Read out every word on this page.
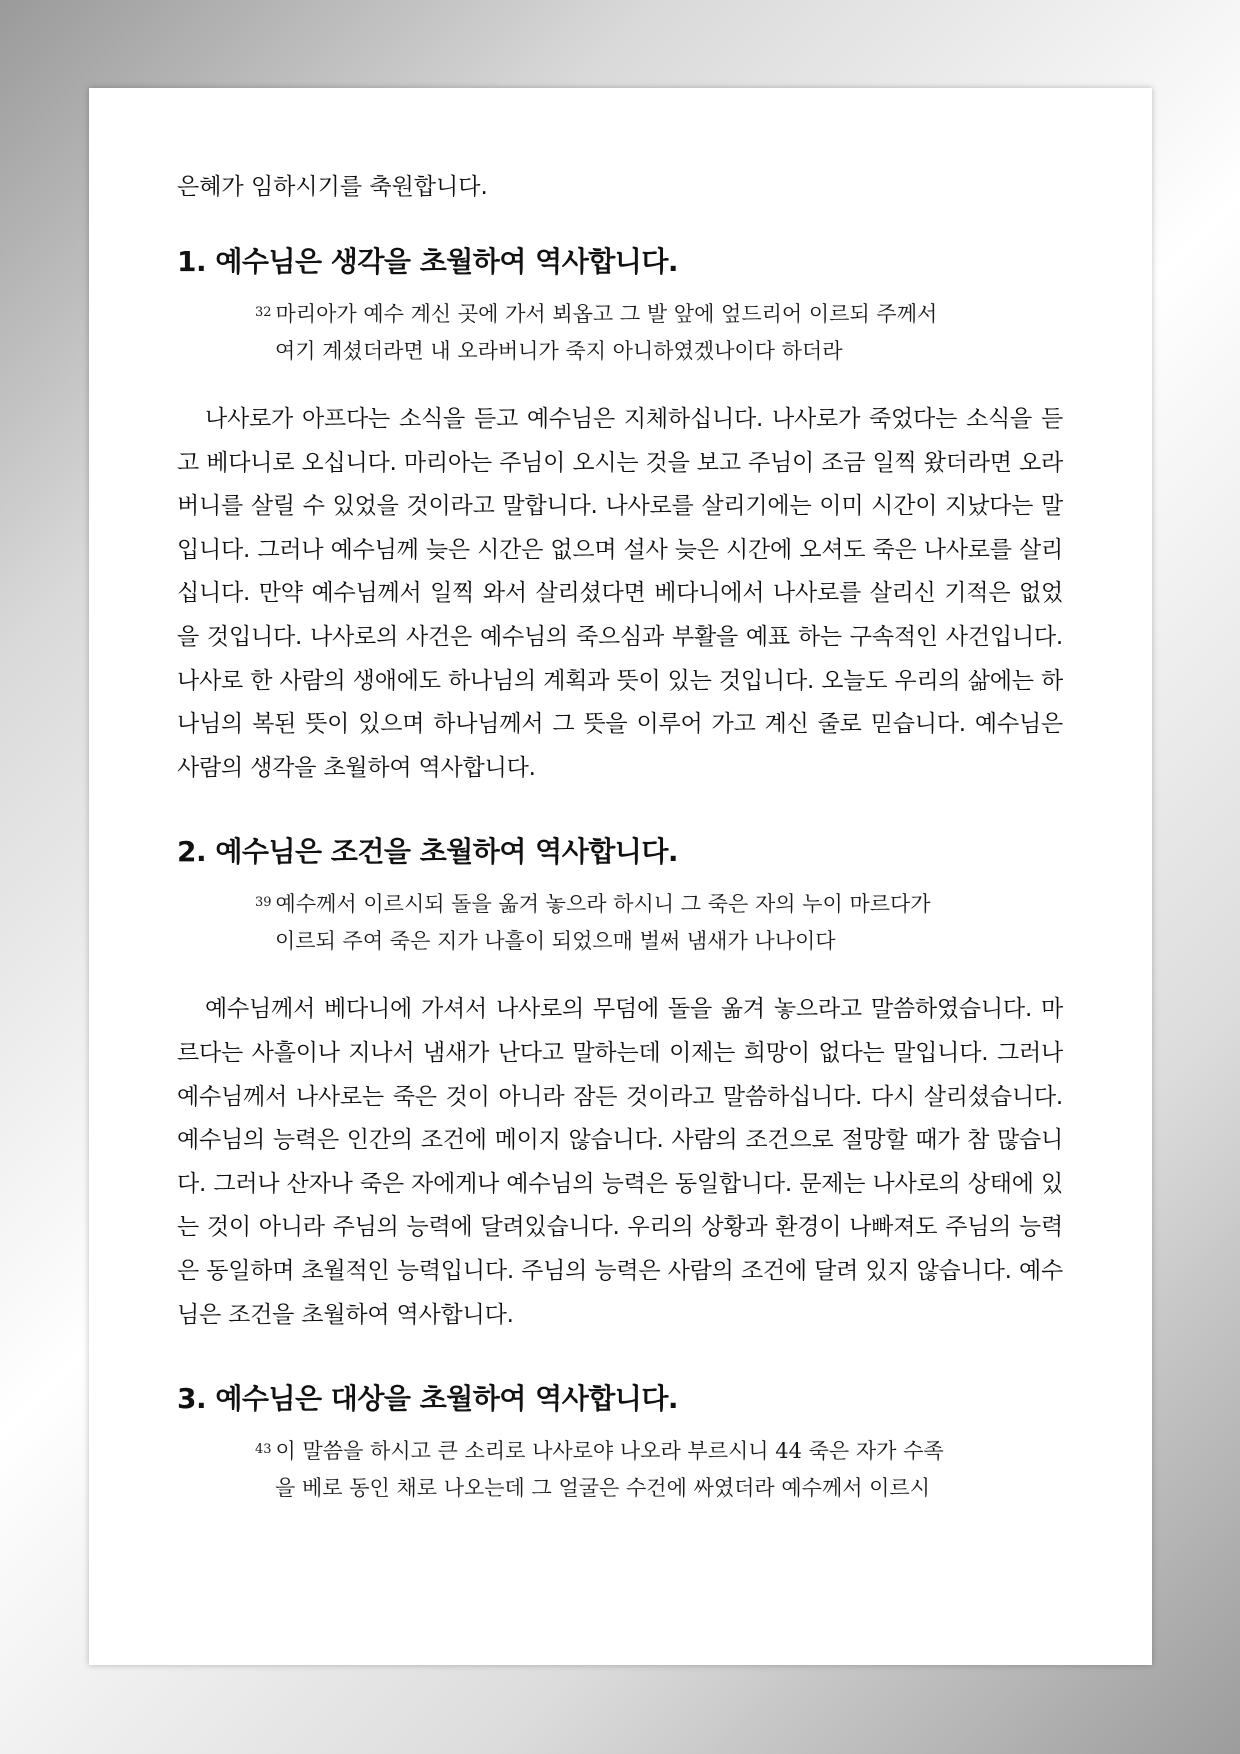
은혜가 임하시기를 축원합니다.

1. 예수님은 생각을 초월하여 역사합니다.
$^{32}$ 마리아가 예수 계신 곳에 가서 뵈옵고 그 발 앞에 엎드리어 이르되 주께서
여기 계셨더라면 내 오라버니가 죽지 아니하였겠나이다 하더라

나사로가 아프다는 소식을 듣고 예수님은 지체하십니다. 나사로가 죽었다는 소식을 듣고 베다니로 오십니다. 마리아는 주님이 오시는 것을 보고 주님이 조금 일찍 왔더라면 오라버니를 살릴 수 있었을 것이라고 말합니다. 나사로를 살리기에는 이미 시간이 지났다는 말입니다. 그러나 예수님께 늦은 시간은 없으며 설사 늦은 시간에 오셔도 죽은 나사로를 살리십니다. 만약 예수님께서 일찍 와서 살리셨다면 베다니에서 나사로를 살리신 기적은 없었을 것입니다. 나사로의 사건은 예수님의 죽으심과 부활을 예표 하는 구속적인 사건입니다. 나사로 한 사람의 생애에도 하나님의 계획과 뜻이 있는 것입니다. 오늘도 우리의 삶에는 하나님의 복된 뜻이 있으며 하나님께서 그 뜻을 이루어 가고 계신 줄로 믿습니다. 예수님은 사람의 생각을 초월하여 역사합니다.

2. 예수님은 조건을 초월하여 역사합니다.
$^{39}$ 예수께서 이르시되 돌을 옮겨 놓으라 하시니 그 죽은 자의 누이 마르다가
이르되 주여 죽은 지가 나흘이 되었으매 벌써 냄새가 나나이다

예수님께서 베다니에 가셔서 나사로의 무덤에 돌을 옮겨 놓으라고 말씀하였습니다. 마르다는 사흘이나 지나서 냄새가 난다고 말하는데 이제는 희망이 없다는 말입니다. 그러나 예수님께서 나사로는 죽은 것이 아니라 잠든 것이라고 말씀하십니다. 다시 살리셨습니다. 예수님의 능력은 인간의 조건에 메이지 않습니다. 사람의 조건으로 절망할 때가 참 많습니다. 그러나 산자나 죽은 자에게나 예수님의 능력은 동일합니다. 문제는 나사로의 상태에 있는 것이 아니라 주님의 능력에 달려있습니다. 우리의 상황과 환경이 나빠져도 주님의 능력은 동일하며 초월적인 능력입니다. 주님의 능력은 사람의 조건에 달려 있지 않습니다. 예수님은 조건을 초월하여 역사합니다.

3. 예수님은 대상을 초월하여 역사합니다.
$^{43}$ 이 말씀을 하시고 큰 소리로 나사로야 나오라 부르시니 44 죽은 자가 수족
을 베로 동인 채로 나오는데 그 얼굴은 수건에 싸였더라 예수께서 이르시
